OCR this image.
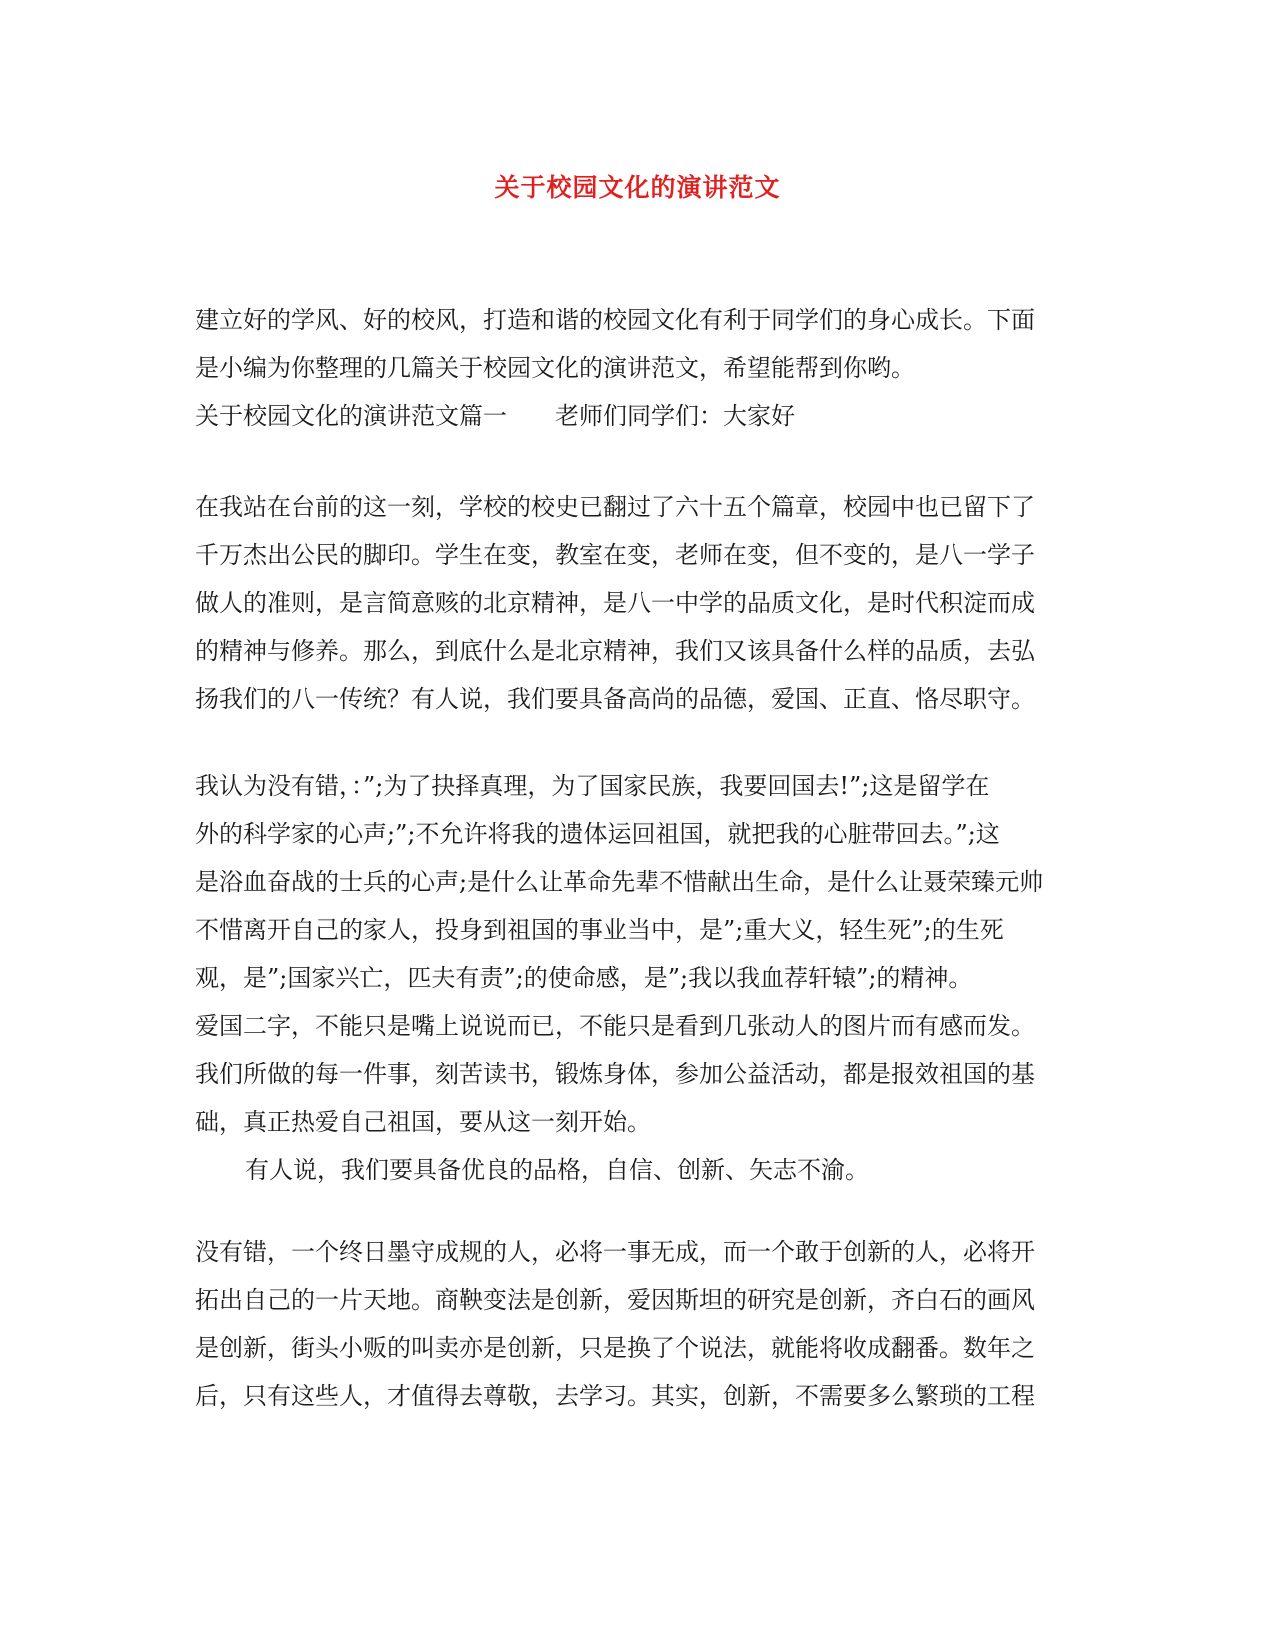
关于校园文化的演讲范文
建立好的学风、好的校风，打造和谐的校园文化有利于同学们的身心成长。下面
是小编为你整理的几篇关于校园文化的演讲范文，希望能帮到你哟。
关于校园文化的演讲范文篇一 老师们同学们：大家好
在我站在台前的这一刻，学校的校史已翻过了六十五个篇章，校园中也已留下了
千万杰出公民的脚印。学生在变，教室在变，老师在变，但不变的，是八一学子
做人的准则，是言简意赅的北京精神，是八一中学的品质文化，是时代积淀而成
的精神与修养。那么，到底什么是北京精神，我们又该具备什么样的品质，去弘
扬我们的八一传统？有人说，我们要具备高尚的品德，爱国、正直、恪尽职守。
我认为没有错，：”;为了抉择真理，为了国家民族，我要回国去!”;这是留学在
外的科学家的心声;”;不允许将我的遗体运回祖国，就把我的心脏带回去。”;这
是浴血奋战的士兵的心声;是什么让革命先辈不惜献出生命，是什么让聂荣臻元帅
不惜离开自己的家人，投身到祖国的事业当中，是”;重大义，轻生死”;的生死
观，是”;国家兴亡，匹夫有责”;的使命感，是”;我以我血荐轩辕”;的精神。
爱国二字，不能只是嘴上说说而已，不能只是看到几张动人的图片而有感而发。
我们所做的每一件事，刻苦读书，锻炼身体，参加公益活动，都是报效祖国的基
础，真正热爱自己祖国，要从这一刻开始。
有人说，我们要具备优良的品格，自信、创新、矢志不渝。
没有错，一个终日墨守成规的人，必将一事无成，而一个敢于创新的人，必将开
拓出自己的一片天地。商鞅变法是创新，爱因斯坦的研究是创新，齐白石的画风
是创新，街头小贩的叫卖亦是创新，只是换了个说法，就能将收成翻番。数年之
后，只有这些人，才值得去尊敬，去学习。其实，创新，不需要多么繁琐的工程
